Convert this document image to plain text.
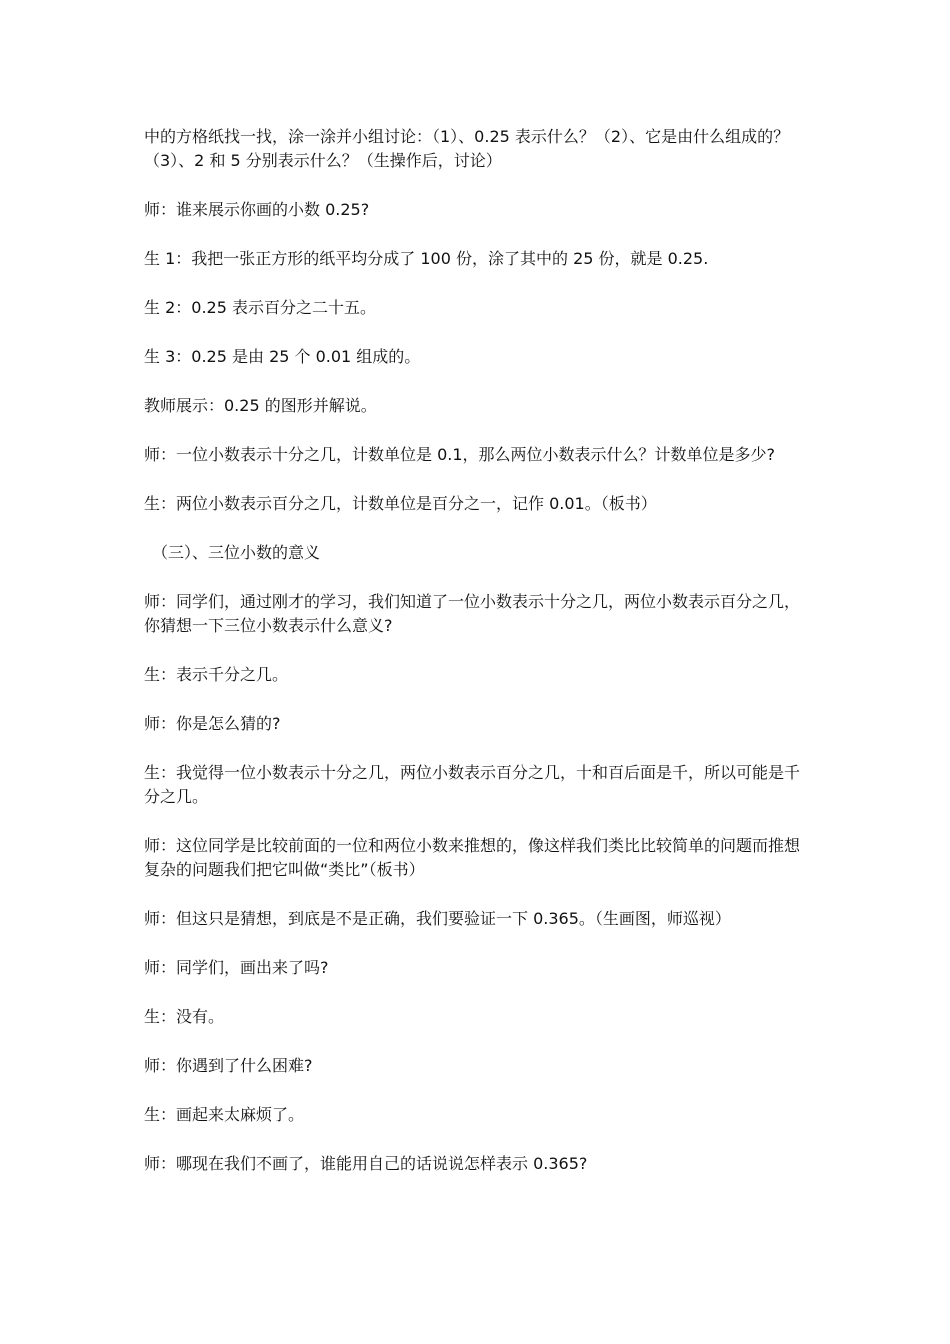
中的方格纸找一找，涂一涂并小组讨论：（1）、0.25 表示什么？（2）、它是由什么组成的？（3）、2 和 5 分别表示什么？（生操作后，讨论）

师：谁来展示你画的小数 0.25?

生 1：我把一张正方形的纸平均分成了 100 份，涂了其中的 25 份，就是 0.25.

生 2：0.25 表示百分之二十五。

生 3：0.25 是由 25 个 0.01 组成的。

教师展示：0.25 的图形并解说。

师：一位小数表示十分之几，计数单位是 0.1，那么两位小数表示什么？计数单位是多少?

生：两位小数表示百分之几，计数单位是百分之一，记作 0.01。（板书）

（三）、三位小数的意义

师：同学们，通过刚才的学习，我们知道了一位小数表示十分之几，两位小数表示百分之几，你猜想一下三位小数表示什么意义?

生：表示千分之几。

师：你是怎么猜的?

生：我觉得一位小数表示十分之几，两位小数表示百分之几，十和百后面是千，所以可能是千分之几。

师：这位同学是比较前面的一位和两位小数来推想的，像这样我们类比比较简单的问题而推想复杂的问题我们把它叫做“类比”（板书）

师：但这只是猜想，到底是不是正确，我们要验证一下 0.365。（生画图，师巡视）

师：同学们，画出来了吗?

生：没有。

师：你遇到了什么困难?

生：画起来太麻烦了。

师：哪现在我们不画了，谁能用自己的话说说怎样表示 0.365?
